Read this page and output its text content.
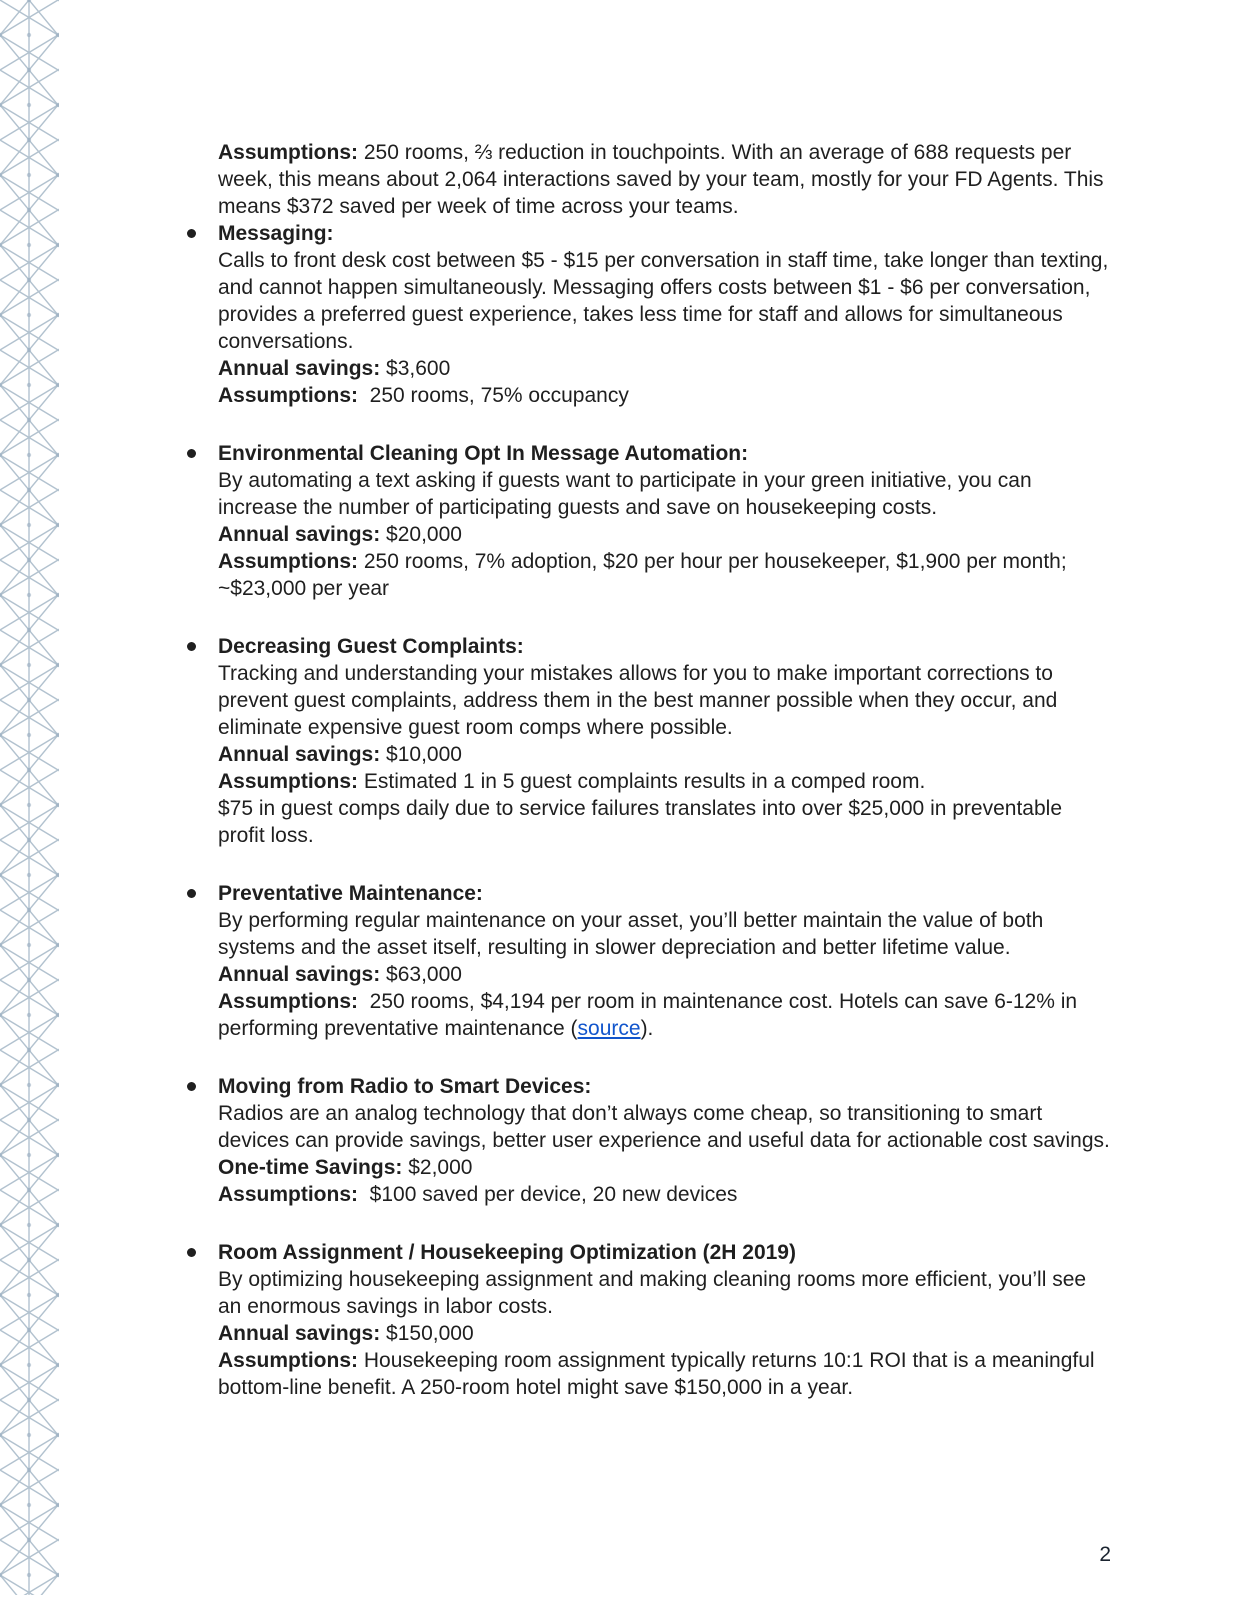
Assumptions: 250 rooms, ⅔ reduction in touchpoints. With an average of 688 requests per week, this means about 2,064 interactions saved by your team, mostly for your FD Agents. This means $372 saved per week of time across your teams.

Messaging:

Calls to front desk cost between $5 - $15 per conversation in staff time, take longer than texting, and cannot happen simultaneously. Messaging offers costs between $1 - $6 per conversation, provides a preferred guest experience, takes less time for staff and allows for simultaneous conversations.

Annual savings: $3,600

Assumptions:  250 rooms, 75% occupancy

Environmental Cleaning Opt In Message Automation:

By automating a text asking if guests want to participate in your green initiative, you can increase the number of participating guests and save on housekeeping costs.

Annual savings: $20,000

Assumptions: 250 rooms, 7% adoption, $20 per hour per housekeeper, $1,900 per month; ~$23,000 per year

Decreasing Guest Complaints:

Tracking and understanding your mistakes allows for you to make important corrections to prevent guest complaints, address them in the best manner possible when they occur, and eliminate expensive guest room comps where possible.

Annual savings: $10,000

Assumptions: Estimated 1 in 5 guest complaints results in a comped room.

$75 in guest comps daily due to service failures translates into over $25,000 in preventable profit loss.

Preventative Maintenance:

By performing regular maintenance on your asset, you’ll better maintain the value of both systems and the asset itself, resulting in slower depreciation and better lifetime value.

Annual savings: $63,000

Assumptions:  250 rooms, $4,194 per room in maintenance cost. Hotels can save 6-12% in performing preventative maintenance (source).

Moving from Radio to Smart Devices:

Radios are an analog technology that don’t always come cheap, so transitioning to smart devices can provide savings, better user experience and useful data for actionable cost savings.

One-time Savings: $2,000

Assumptions:  $100 saved per device, 20 new devices

Room Assignment / Housekeeping Optimization (2H 2019)

By optimizing housekeeping assignment and making cleaning rooms more efficient, you’ll see an enormous savings in labor costs.

Annual savings: $150,000

Assumptions: Housekeeping room assignment typically returns 10:1 ROI that is a meaningful bottom-line benefit. A 250-room hotel might save $150,000 in a year.

2
